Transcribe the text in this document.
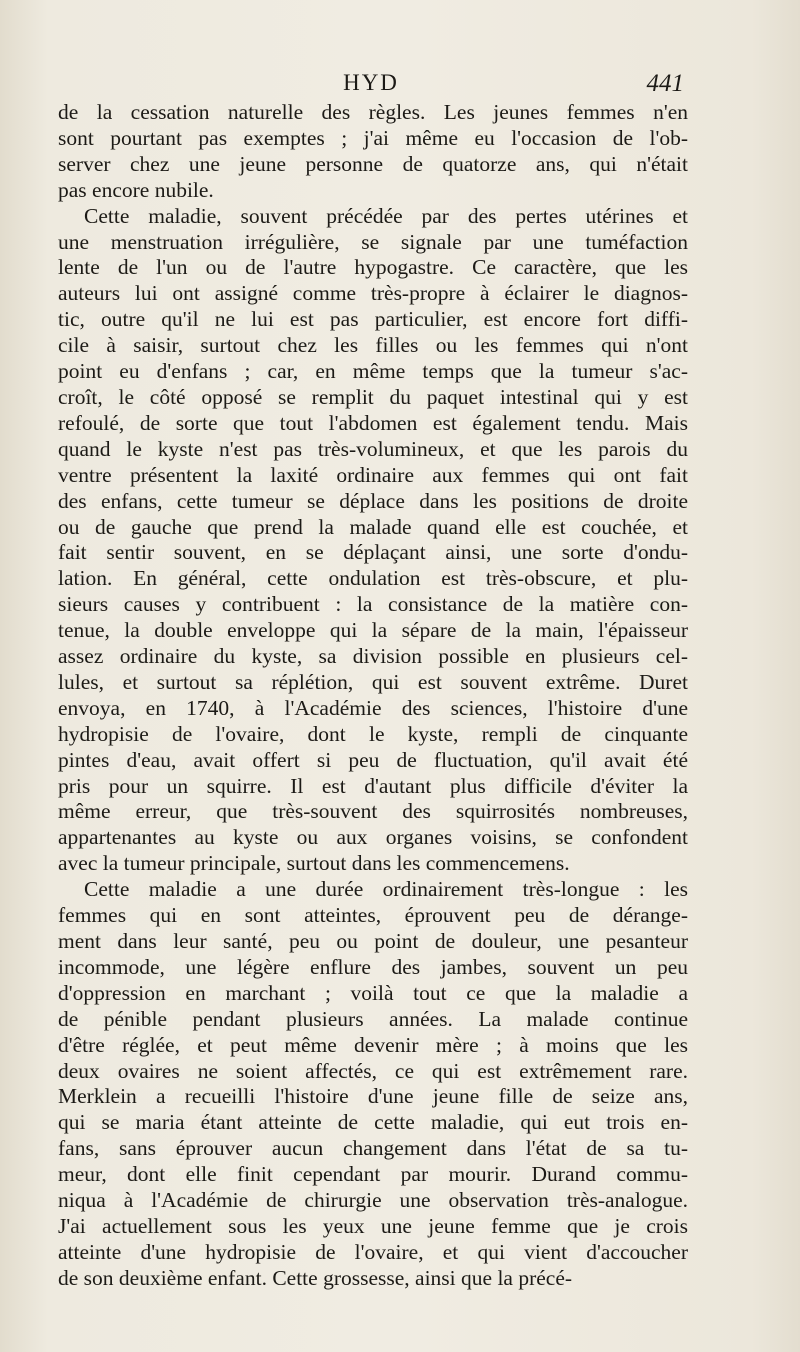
HYD	441
de la cessation naturelle des règles. Les jeunes femmes n'en
sont pourtant pas exemptes ; j'ai même eu l'occasion de l'ob-
server chez une jeune personne de quatorze ans, qui n'était
pas encore nubile.
Cette maladie, souvent précédée par des pertes utérines et
une menstruation irrégulière, se signale par une tuméfaction
lente de l'un ou de l'autre hypogastre. Ce caractère, que les
auteurs lui ont assigné comme très-propre à éclairer le diagnos-
tic, outre qu'il ne lui est pas particulier, est encore fort diffi-
cile à saisir, surtout chez les filles ou les femmes qui n'ont
point eu d'enfans ; car, en même temps que la tumeur s'ac-
croît, le côté opposé se remplit du paquet intestinal qui y est
refoulé, de sorte que tout l'abdomen est également tendu. Mais
quand le kyste n'est pas très-volumineux, et que les parois du
ventre présentent la laxité ordinaire aux femmes qui ont fait
des enfans, cette tumeur se déplace dans les positions de droite
ou de gauche que prend la malade quand elle est couchée, et
fait sentir souvent, en se déplaçant ainsi, une sorte d'ondu-
lation. En général, cette ondulation est très-obscure, et plu-
sieurs causes y contribuent : la consistance de la matière con-
tenue, la double enveloppe qui la sépare de la main, l'épaisseur
assez ordinaire du kyste, sa division possible en plusieurs cel-
lules, et surtout sa réplétion, qui est souvent extrême. Duret
envoya, en 1740, à l'Académie des sciences, l'histoire d'une
hydropisie de l'ovaire, dont le kyste, rempli de cinquante
pintes d'eau, avait offert si peu de fluctuation, qu'il avait été
pris pour un squirre. Il est d'autant plus difficile d'éviter la
même erreur, que très-souvent des squirrosités nombreuses,
appartenantes au kyste ou aux organes voisins, se confondent
avec la tumeur principale, surtout dans les commencemens.
Cette maladie a une durée ordinairement très-longue : les
femmes qui en sont atteintes, éprouvent peu de dérange-
ment dans leur santé, peu ou point de douleur, une pesanteur
incommode, une légère enflure des jambes, souvent un peu
d'oppression en marchant ; voilà tout ce que la maladie a
de pénible pendant plusieurs années. La malade continue
d'être réglée, et peut même devenir mère ; à moins que les
deux ovaires ne soient affectés, ce qui est extrêmement rare.
Merklein a recueilli l'histoire d'une jeune fille de seize ans,
qui se maria étant atteinte de cette maladie, qui eut trois en-
fans, sans éprouver aucun changement dans l'état de sa tu-
meur, dont elle finit cependant par mourir. Durand commu-
niqua à l'Académie de chirurgie une observation très-analogue.
J'ai actuellement sous les yeux une jeune femme que je crois
atteinte d'une hydropisie de l'ovaire, et qui vient d'accoucher
de son deuxième enfant. Cette grossesse, ainsi que la précé-
